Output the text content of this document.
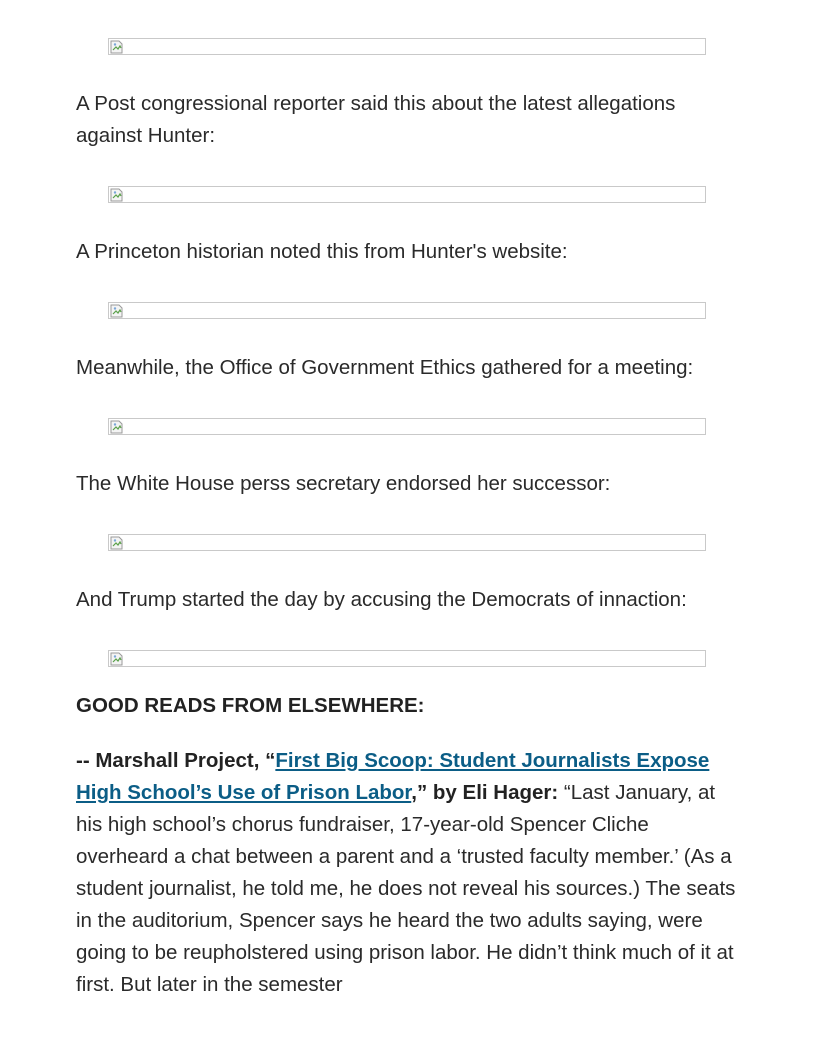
A Post congressional reporter said this about the latest allegations against Hunter:

A Princeton historian noted this from Hunter's website:

Meanwhile, the Office of Government Ethics gathered for a meeting:

The White House perss secretary endorsed her successor:

And Trump started the day by accusing the Democrats of innaction:

GOOD READS FROM ELSEWHERE:

-- Marshall Project, “First Big Scoop: Student Journalists Expose High School’s Use of Prison Labor,” by Eli Hager: “Last January, at his high school’s chorus fundraiser, 17-year-old Spencer Cliche overheard a chat between a parent and a ‘trusted faculty member.’ (As a student journalist, he told me, he does not reveal his sources.) The seats in the auditorium, Spencer says he heard the two adults saying, were going to be reupholstered using prison labor. He didn’t think much of it at first. But later in the semester
